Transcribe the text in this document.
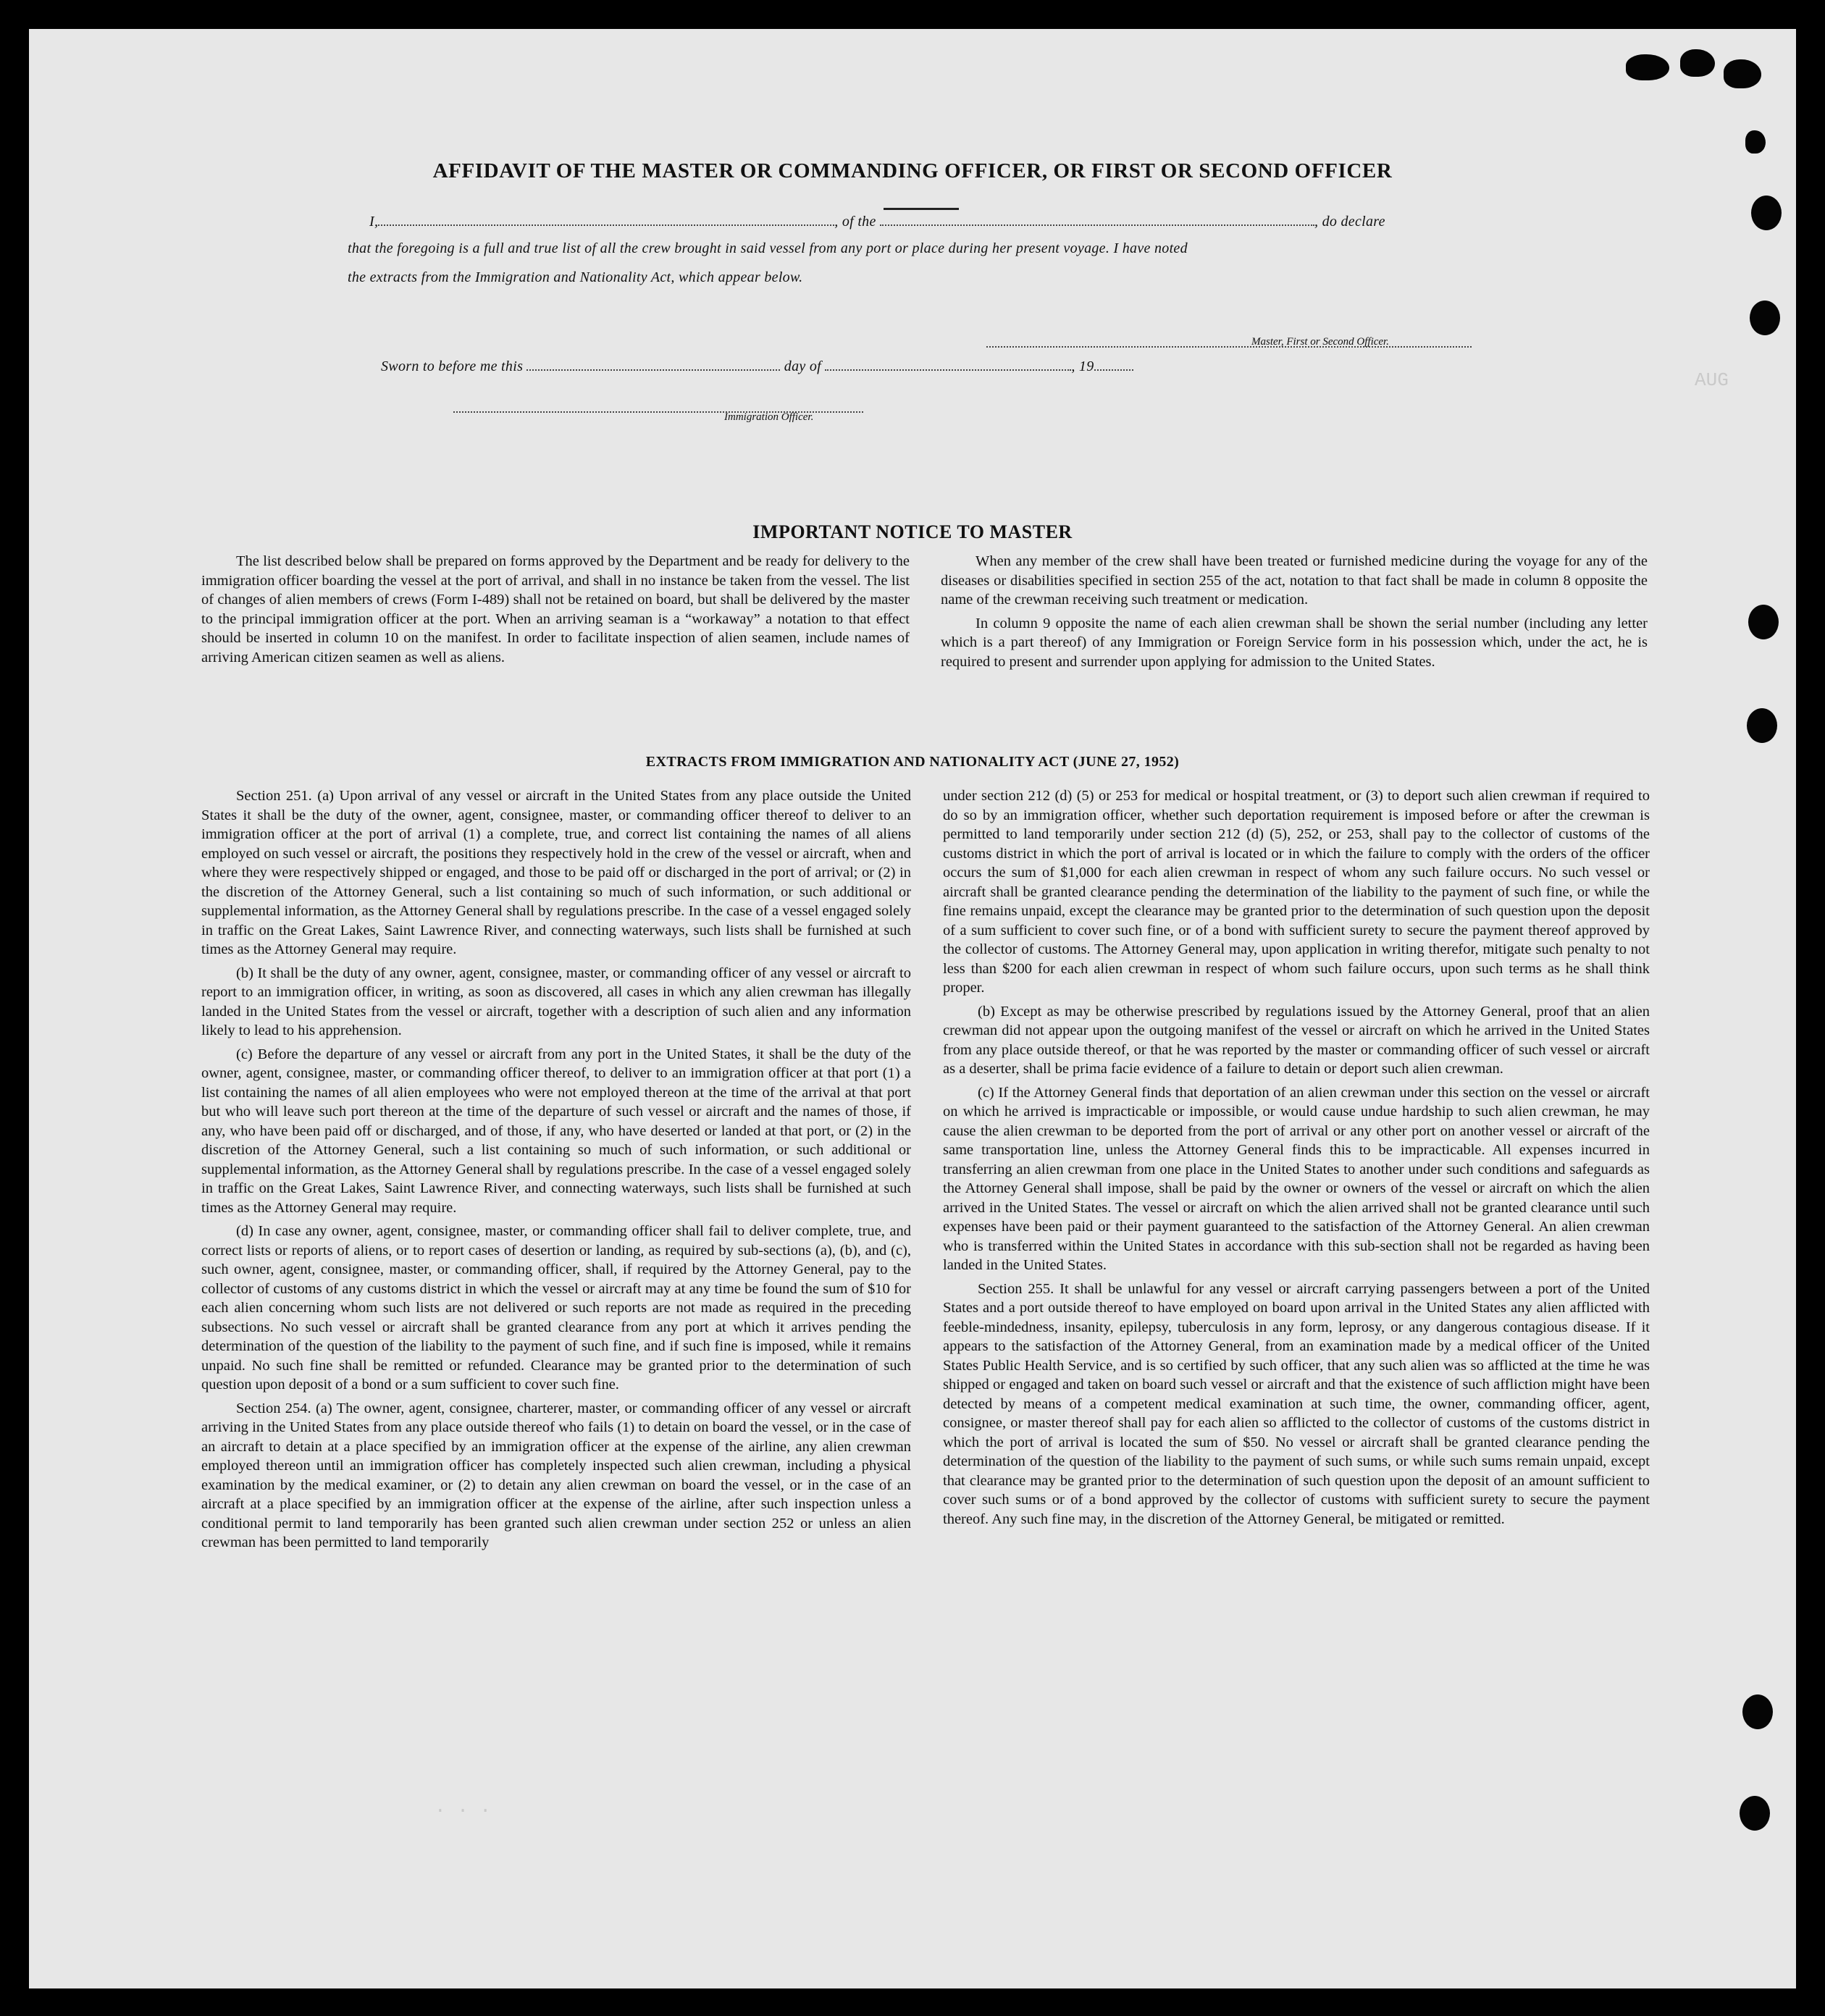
AUG
. . .
AFFIDAVIT OF THE MASTER OR COMMANDING OFFICER, OR FIRST OR SECOND OFFICER
I,	, of the	, do declare
that the foregoing is a full and true list of all the crew brought in said vessel from any port or place during her present voyage. I have noted
the extracts from the Immigration and Nationality Act, which appear below.
Master, First or Second Officer.
Sworn to before me this	day of	, 19
Immigration Officer.
IMPORTANT NOTICE TO MASTER

The list described below shall be prepared on forms approved by the Department and be ready for delivery to the immigration officer boarding the vessel at the port of arrival, and shall in no instance be taken from the vessel. The list of changes of alien members of crews (Form I-489) shall not be retained on board, but shall be delivered by the master to the principal immigration officer at the port. When an arriving seaman is a “workaway” a notation to that effect should be inserted in column 10 on the manifest. In order to facilitate inspection of alien seamen, include names of arriving American citizen seamen as well as aliens.

When any member of the crew shall have been treated or furnished medicine during the voyage for any of the diseases or disabilities specified in section 255 of the act, notation to that fact shall be made in column 8 opposite the name of the crewman receiving such treatment or medication.

In column 9 opposite the name of each alien crewman shall be shown the serial number (including any letter which is a part thereof) of any Immigration or Foreign Service form in his possession which, under the act, he is required to present and surrender upon applying for admission to the United States.

EXTRACTS FROM IMMIGRATION AND NATIONALITY ACT (JUNE 27, 1952)

Section 251. (a) Upon arrival of any vessel or aircraft in the United States from any place outside the United States it shall be the duty of the owner, agent, consignee, master, or commanding officer thereof to deliver to an immigration officer at the port of arrival (1) a complete, true, and correct list containing the names of all aliens employed on such vessel or aircraft, the positions they respectively hold in the crew of the vessel or aircraft, when and where they were respectively shipped or engaged, and those to be paid off or discharged in the port of arrival; or (2) in the discretion of the Attorney General, such a list containing so much of such information, or such additional or supplemental information, as the Attorney General shall by regulations prescribe. In the case of a vessel engaged solely in traffic on the Great Lakes, Saint Lawrence River, and connecting waterways, such lists shall be furnished at such times as the Attorney General may require.

(b) It shall be the duty of any owner, agent, consignee, master, or commanding officer of any vessel or aircraft to report to an immigration officer, in writing, as soon as discovered, all cases in which any alien crewman has illegally landed in the United States from the vessel or aircraft, together with a description of such alien and any information likely to lead to his apprehension.

(c) Before the departure of any vessel or aircraft from any port in the United States, it shall be the duty of the owner, agent, consignee, master, or commanding officer thereof, to deliver to an immigration officer at that port (1) a list containing the names of all alien employees who were not employed thereon at the time of the arrival at that port but who will leave such port thereon at the time of the departure of such vessel or aircraft and the names of those, if any, who have been paid off or discharged, and of those, if any, who have deserted or landed at that port, or (2) in the discretion of the Attorney General, such a list containing so much of such information, or such additional or supplemental information, as the Attorney General shall by regulations prescribe. In the case of a vessel engaged solely in traffic on the Great Lakes, Saint Lawrence River, and connecting waterways, such lists shall be furnished at such times as the Attorney General may require.

(d) In case any owner, agent, consignee, master, or commanding officer shall fail to deliver complete, true, and correct lists or reports of aliens, or to report cases of desertion or landing, as required by sub-sections (a), (b), and (c), such owner, agent, consignee, master, or commanding officer, shall, if required by the Attorney General, pay to the collector of customs of any customs district in which the vessel or aircraft may at any time be found the sum of $10 for each alien concerning whom such lists are not delivered or such reports are not made as required in the preceding subsections. No such vessel or aircraft shall be granted clearance from any port at which it arrives pending the determination of the question of the liability to the payment of such fine, and if such fine is imposed, while it remains unpaid. No such fine shall be remitted or refunded. Clearance may be granted prior to the determination of such question upon deposit of a bond or a sum sufficient to cover such fine.

Section 254. (a) The owner, agent, consignee, charterer, master, or commanding officer of any vessel or aircraft arriving in the United States from any place outside thereof who fails (1) to detain on board the vessel, or in the case of an aircraft to detain at a place specified by an immigration officer at the expense of the airline, any alien crewman employed thereon until an immigration officer has completely inspected such alien crewman, including a physical examination by the medical examiner, or (2) to detain any alien crewman on board the vessel, or in the case of an aircraft at a place specified by an immigration officer at the expense of the airline, after such inspection unless a conditional permit to land temporarily has been granted such alien crewman under section 252 or unless an alien crewman has been permitted to land temporarily

under section 212 (d) (5) or 253 for medical or hospital treatment, or (3) to deport such alien crewman if required to do so by an immigration officer, whether such deportation requirement is imposed before or after the crewman is permitted to land temporarily under section 212 (d) (5), 252, or 253, shall pay to the collector of customs of the customs district in which the port of arrival is located or in which the failure to comply with the orders of the officer occurs the sum of $1,000 for each alien crewman in respect of whom any such failure occurs. No such vessel or aircraft shall be granted clearance pending the determination of the liability to the payment of such fine, or while the fine remains unpaid, except the clearance may be granted prior to the determination of such question upon the deposit of a sum sufficient to cover such fine, or of a bond with sufficient surety to secure the payment thereof approved by the collector of customs. The Attorney General may, upon application in writing therefor, mitigate such penalty to not less than $200 for each alien crewman in respect of whom such failure occurs, upon such terms as he shall think proper.

(b) Except as may be otherwise prescribed by regulations issued by the Attorney General, proof that an alien crewman did not appear upon the outgoing manifest of the vessel or aircraft on which he arrived in the United States from any place outside thereof, or that he was reported by the master or commanding officer of such vessel or aircraft as a deserter, shall be prima facie evidence of a failure to detain or deport such alien crewman.

(c) If the Attorney General finds that deportation of an alien crewman under this section on the vessel or aircraft on which he arrived is impracticable or impossible, or would cause undue hardship to such alien crewman, he may cause the alien crewman to be deported from the port of arrival or any other port on another vessel or aircraft of the same transportation line, unless the Attorney General finds this to be impracticable. All expenses incurred in transferring an alien crewman from one place in the United States to another under such conditions and safeguards as the Attorney General shall impose, shall be paid by the owner or owners of the vessel or aircraft on which the alien arrived in the United States. The vessel or aircraft on which the alien arrived shall not be granted clearance until such expenses have been paid or their payment guaranteed to the satisfaction of the Attorney General. An alien crewman who is transferred within the United States in accordance with this sub-section shall not be regarded as having been landed in the United States.

Section 255. It shall be unlawful for any vessel or aircraft carrying passengers between a port of the United States and a port outside thereof to have employed on board upon arrival in the United States any alien afflicted with feeble-mindedness, insanity, epilepsy, tuberculosis in any form, leprosy, or any dangerous contagious disease. If it appears to the satisfaction of the Attorney General, from an examination made by a medical officer of the United States Public Health Service, and is so certified by such officer, that any such alien was so afflicted at the time he was shipped or engaged and taken on board such vessel or aircraft and that the existence of such affliction might have been detected by means of a competent medical examination at such time, the owner, commanding officer, agent, consignee, or master thereof shall pay for each alien so afflicted to the collector of customs of the customs district in which the port of arrival is located the sum of $50. No vessel or aircraft shall be granted clearance pending the determination of the question of the liability to the payment of such sums, or while such sums remain unpaid, except that clearance may be granted prior to the determination of such question upon the deposit of an amount sufficient to cover such sums or of a bond approved by the collector of customs with sufficient surety to secure the payment thereof. Any such fine may, in the discretion of the Attorney General, be mitigated or remitted.
